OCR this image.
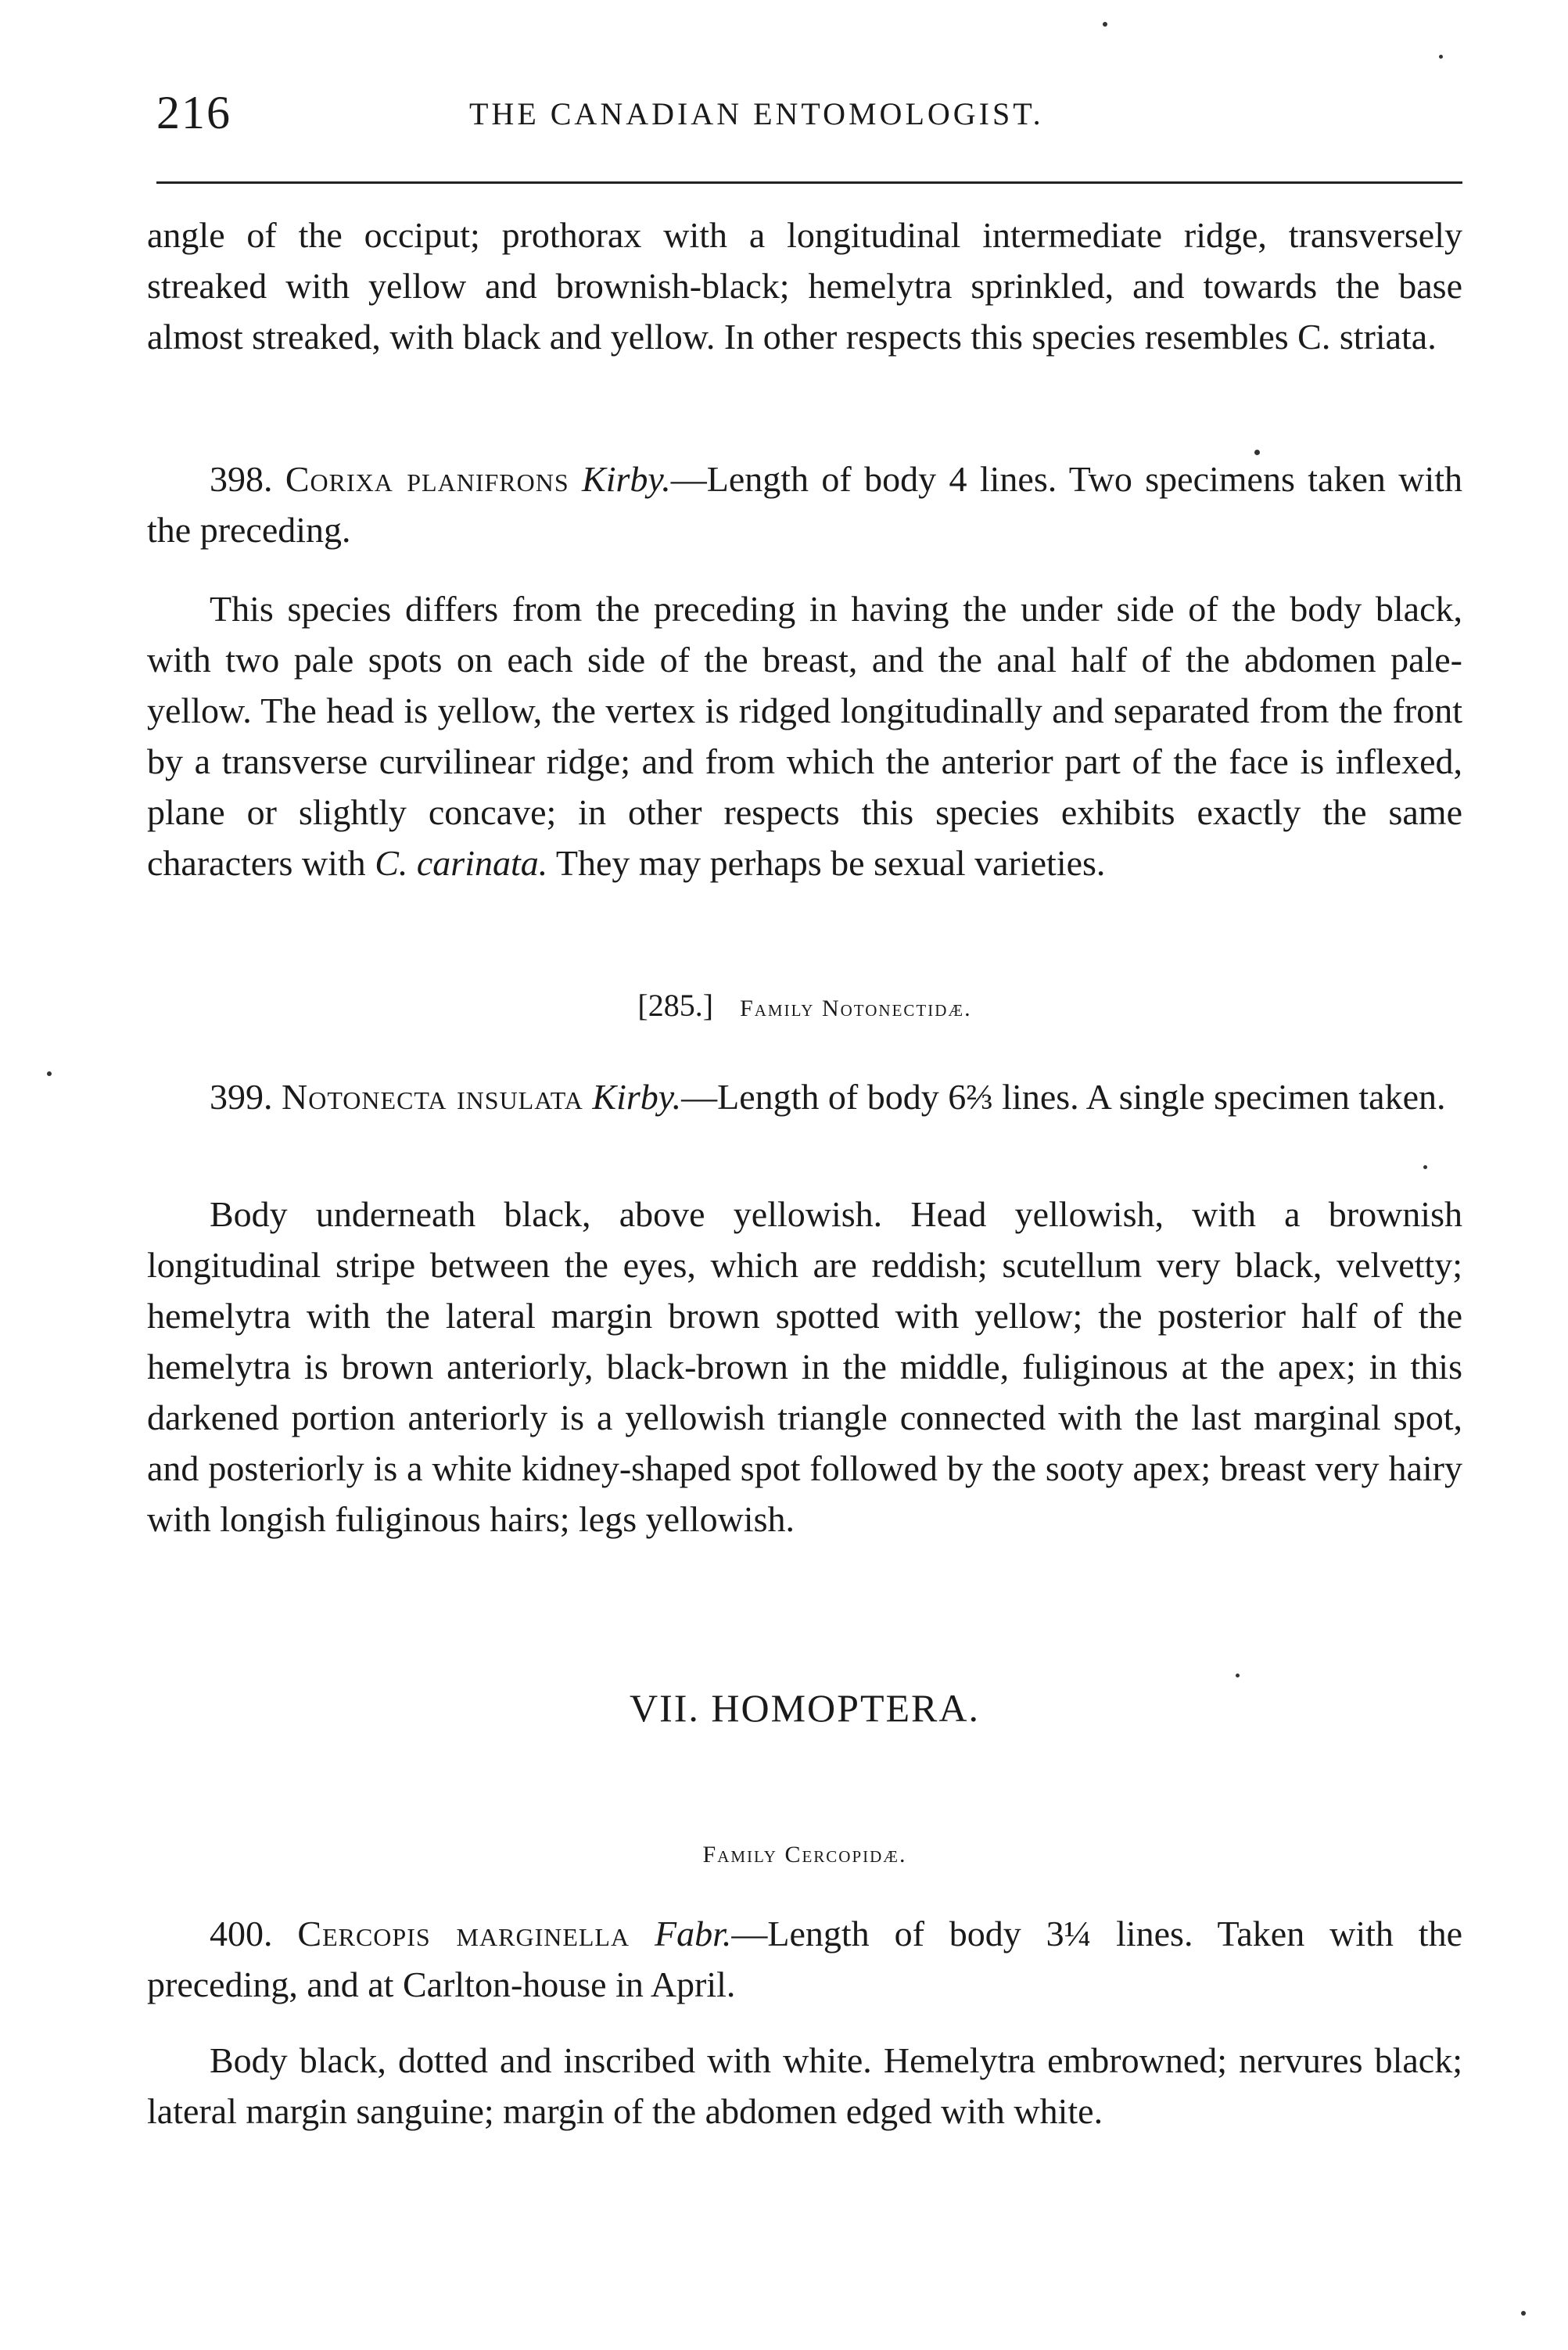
216	THE CANADIAN ENTOMOLOGIST.

angle of the occiput; prothorax with a longitudinal intermediate ridge, transversely streaked with yellow and brownish-black; hemelytra sprinkled, and towards the base almost streaked, with black and yellow. In other respects this species resembles C. striata.

398. Corixa planifrons Kirby.—Length of body 4 lines. Two specimens taken with the preceding.

This species differs from the preceding in having the under side of the body black, with two pale spots on each side of the breast, and the anal half of the abdomen pale-yellow. The head is yellow, the vertex is ridged longitudinally and separated from the front by a transverse curvilinear ridge; and from which the anterior part of the face is inflexed, plane or slightly concave; in other respects this species exhibits exactly the same characters with C. carinata. They may perhaps be sexual varieties.

[285.] Family Notonectidæ.

399. Notonecta insulata Kirby.—Length of body 6⅔ lines. A single specimen taken.

Body underneath black, above yellowish. Head yellowish, with a brownish longitudinal stripe between the eyes, which are reddish; scutellum very black, velvetty; hemelytra with the lateral margin brown spotted with yellow; the posterior half of the hemelytra is brown anteriorly, black-brown in the middle, fuliginous at the apex; in this darkened portion anteriorly is a yellowish triangle connected with the last marginal spot, and posteriorly is a white kidney-shaped spot followed by the sooty apex; breast very hairy with longish fuliginous hairs; legs yellowish.

VII. HOMOPTERA.
Family Cercopidæ.

400. Cercopis marginella Fabr.—Length of body 3¼ lines. Taken with the preceding, and at Carlton-house in April.

Body black, dotted and inscribed with white. Hemelytra embrowned; nervures black; lateral margin sanguine; margin of the abdomen edged with white.
